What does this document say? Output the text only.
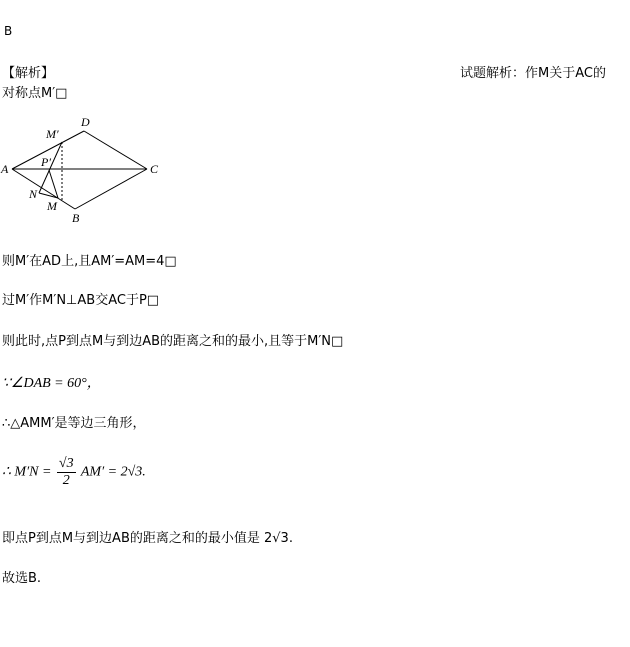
B
【解析】	试题解析：作M关于AC的
对称点M′□
M′
D
A	P′	C
N
M
B
则M′在AD上,且AM′=AM=4□
过M′作M′N⊥AB交AC于P□
则此时,点P到点M与到边AB的距离之和的最小,且等于M′N□
∵∠DAB = 60°，
∴△AMM′是等边三角形，
∴ $M'N = \frac{√3}{2} AM' = 2√3$.
即点P到点M与到边AB的距离之和的最小值是 2√3.
故选B.
